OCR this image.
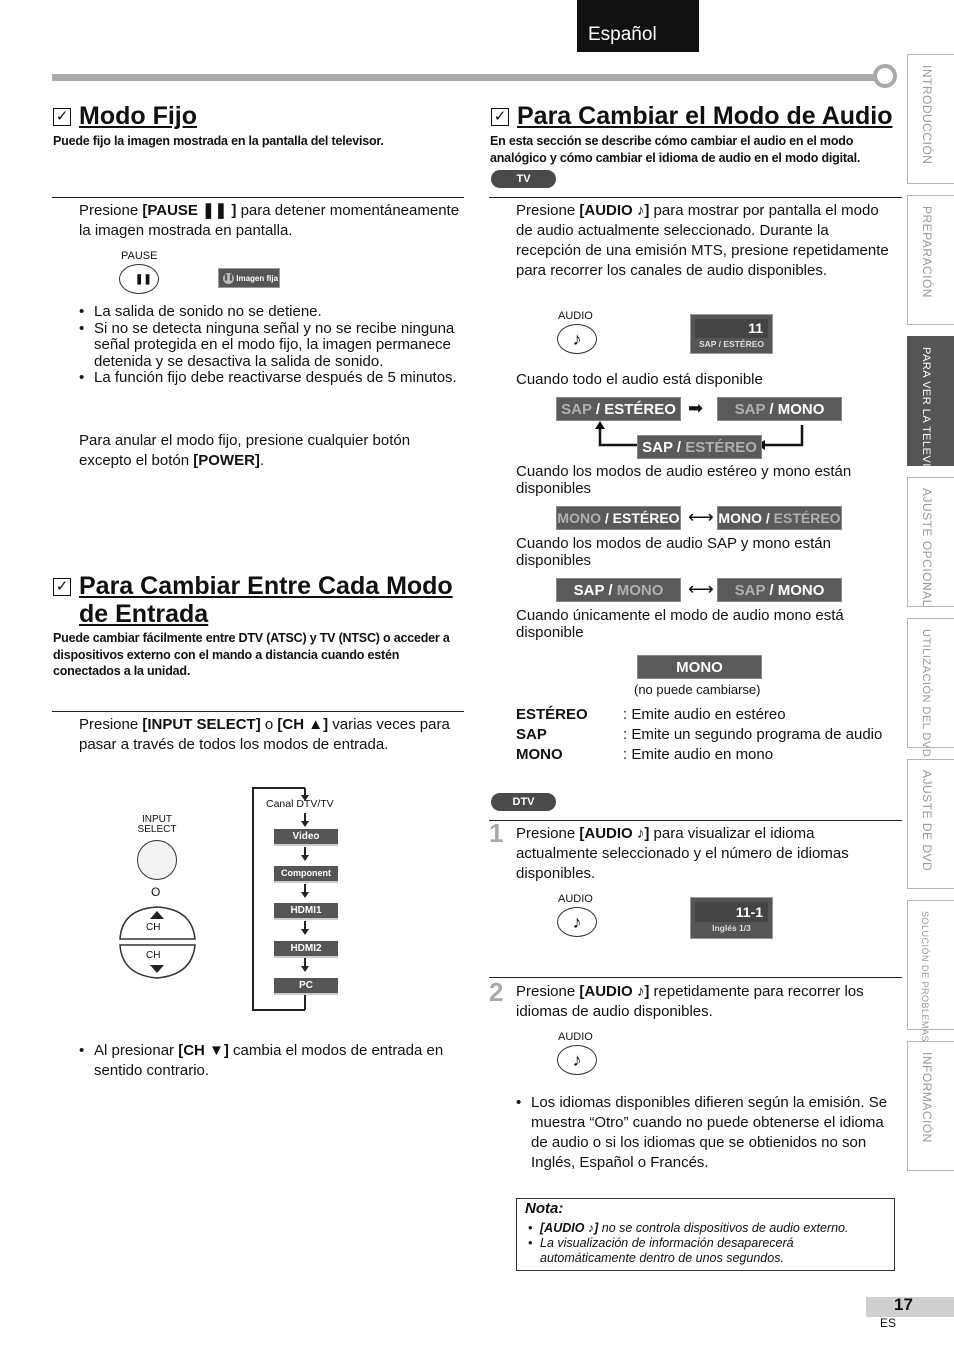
Español
INTRODUCCIÓN
PREPARACIÓN
PARA VER LA TELEVISIÓN
AJUSTE OPCIONAL
UTILIZACIÓN DEL DVD
AJUSTE DE DVD
SOLUCIÓN DE PROBLEMAS
INFORMACIÓN
✓ Modo Fijo
Puede fijo la imagen mostrada en la pantalla del televisor.
Presione [PAUSE ❚❚ ] para detener momentáneamente la imagen mostrada en pantalla.
PAUSE
❚❚	❚❚ Imagen fija
• La salida de sonido no se detiene.
• Si no se detecta ninguna señal y no se recibe ninguna señal protegida en el modo fijo, la imagen permanece detenida y se desactiva la salida de sonido.
• La función fijo debe reactivarse después de 5 minutos.
Para anular el modo fijo, presione cualquier botón excepto el botón [POWER].
✓ Para Cambiar Entre Cada Modo
de Entrada
Puede cambiar fácilmente entre DTV (ATSC) y TV (NTSC) o acceder a dispositivos externo con el mando a distancia cuando estén conectados a la unidad.
Presione [INPUT SELECT] o [CH ▲] varias veces para pasar a través de todos los modos de entrada.
INPUT
SELECT
O
CH
CH
Canal DTV/TV
Video
Component
HDMI1
HDMI2
PC
• Al presionar [CH ▼] cambia el modos de entrada en sentido contrario.
✓ Para Cambiar el Modo de Audio
En esta sección se describe cómo cambiar el audio en el modo analógico y cómo cambiar el idioma de audio en el modo digital.
TV
Presione [AUDIO ♪] para mostrar por pantalla el modo de audio actualmente seleccionado. Durante la recepción de una emisión MTS, presione repetidamente para recorrer los canales de audio disponibles.
AUDIO
♪
11
SAP / ESTÉREO
Cuando todo el audio está disponible
SAP / ESTÉREO ➡	SAP / MONO
SAP / ESTÉREO
Cuando los modos de audio estéreo y mono están disponibles
MONO / ESTÉREO ⟷ MONO / ESTÉREO
Cuando los modos de audio SAP y mono están disponibles
SAP / MONO	⟷	SAP / MONO
Cuando únicamente el modo de audio mono está disponible
MONO
(no puede cambiarse)
ESTÉREO : Emite audio en estéreo
SAP	: Emite un segundo programa de audio
MONO	: Emite audio en mono
DTV
1 Presione [AUDIO ♪] para visualizar el idioma actualmente seleccionado y el número de idiomas disponibles.
AUDIO
♪	11-1
Inglés 1/3
2 Presione [AUDIO ♪] repetidamente para recorrer los idiomas de audio disponibles.
AUDIO
♪
• Los idiomas disponibles difieren según la emisión. Se muestra “Otro” cuando no puede obtenerse el idioma de audio o si los idiomas que se obtienidos no son Inglés, Español o Francés.
Nota:
• [AUDIO ♪] no se controla dispositivos de audio externo.
• La visualización de información desaparecerá automáticamente dentro de unos segundos.
17
ES
